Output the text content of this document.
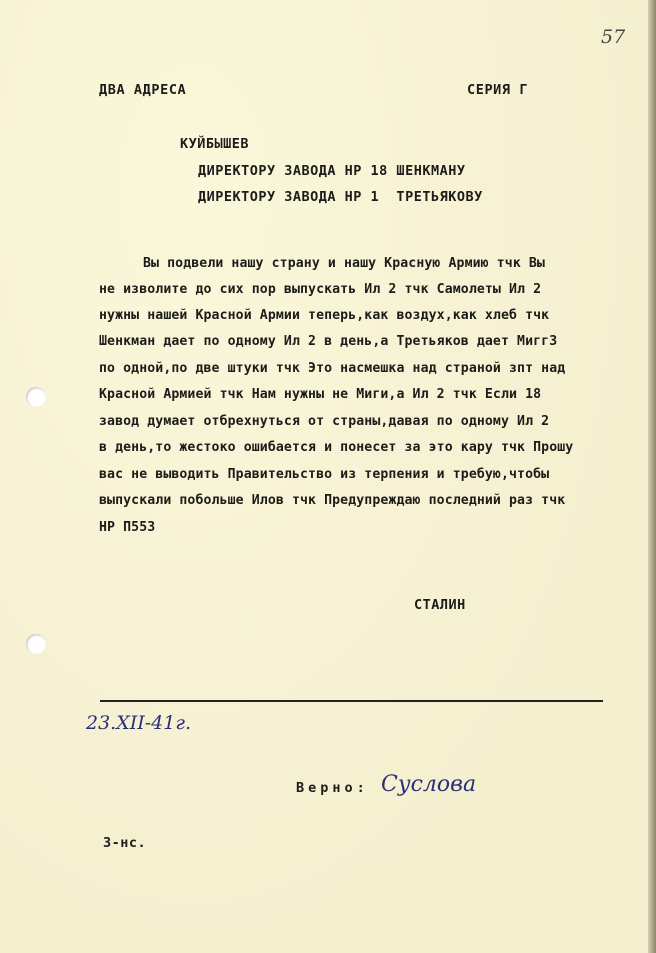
57
ДВА АДРЕСА	СЕРИЯ Г
КУЙБЫШЕВ
ДИРЕКТОРУ ЗАВОДА НР 18 ШЕНКМАНУ
ДИРЕКТОРУ ЗАВОДА НР 1  ТРЕТЬЯКОВУ
Вы подвели нашу страну и нашу Красную Армию тчк Вы
не изволите до сих пор выпускать Ил 2 тчк Самолеты Ил 2
нужны нашей Красной Армии теперь,как воздух,как хлеб тчк
Шенкман дает по одному Ил 2 в день,а Третьяков дает МиггЗ
по одной,по две штуки тчк Это насмешка над страной зпт над
Красной Армией тчк Нам нужны не Миги,а Ил 2 тчк Если 18
завод думает отбрехнуться от страны,давая по одному Ил 2
в день,то жестоко ошибается и понесет за это кару тчк Прошу
вас не выводить Правительство из терпения и требую,чтобы
выпускали побольше Илов тчк Предупреждаю последний раз тчк
НР П553
СТАЛИН
23.XII-41г.
Верно: Суслова
3-нс.
